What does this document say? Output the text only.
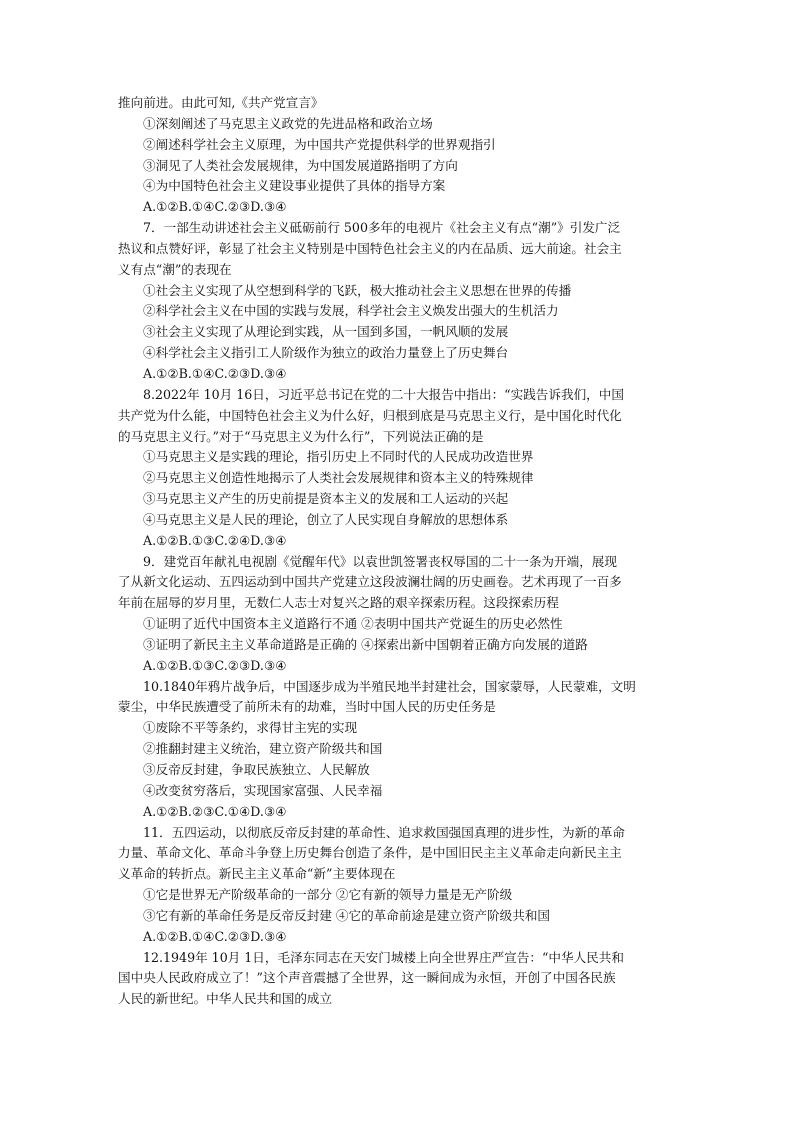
推向前进。由此可知,《共产党宣言》
①深刻阐述了马克思主义政党的先进品格和政治立场
②阐述科学社会主义原理，为中国共产党提供科学的世界观指引
③洞见了人类社会发展规律，为中国发展道路指明了方向
④为中国特色社会主义建设事业提供了具体的指导方案
A.①②B.①④C.②③D.③④
7．一部生动讲述社会主义砥砺前行 500多年的电视片《社会主义有点“潮”》引发广泛
热议和点赞好评，彰显了社会主义特别是中国特色社会主义的内在品质、远大前途。社会主
义有点“潮”的表现在
①社会主义实现了从空想到科学的飞跃，极大推动社会主义思想在世界的传播
②科学社会主义在中国的实践与发展，科学社会主义焕发出强大的生机活力
③社会主义实现了从理论到实践，从一国到多国，一帆风顺的发展
④科学社会主义指引工人阶级作为独立的政治力量登上了历史舞台
A.①②B.①④C.②③D.③④
8.2022年 10月 16日，习近平总书记在党的二十大报告中指出：“实践告诉我们，中国
共产党为什么能，中国特色社会主义为什么好，归根到底是马克思主义行，是中国化时代化
的马克思主义行。”对于“马克思主义为什么行”，下列说法正确的是
①马克思主义是实践的理论，指引历史上不同时代的人民成功改造世界
②马克思主义创造性地揭示了人类社会发展规律和资本主义的特殊规律
③马克思主义产生的历史前提是资本主义的发展和工人运动的兴起
④马克思主义是人民的理论，创立了人民实现自身解放的思想体系
A.①②B.①③C.②④D.③④
9．建党百年献礼电视剧《觉醒年代》以袁世凯签署丧权辱国的二十一条为开端，展现
了从新文化运动、五四运动到中国共产党建立这段波澜壮阔的历史画卷。艺术再现了一百多
年前在屈辱的岁月里，无数仁人志士对复兴之路的艰辛探索历程。这段探索历程
①证明了近代中国资本主义道路行不通 ②表明中国共产党诞生的历史必然性
③证明了新民主主义革命道路是正确的 ④探索出新中国朝着正确方向发展的道路
A.①②B.①③C.②③D.③④
10.1840年鸦片战争后，中国逐步成为半殖民地半封建社会，国家蒙辱，人民蒙难，文明
蒙尘，中华民族遭受了前所未有的劫难，当时中国人民的历史任务是
①废除不平等条约，求得甘主宪的实现
②推翻封建主义统治，建立资产阶级共和国
③反帝反封建，争取民族独立、人民解放
④改变贫穷落后，实现国家富强、人民幸福
A.①②B.②③C.①④D.③④
11．五四运动，以彻底反帝反封建的革命性、追求救国强国真理的进步性，为新的革命
力量、革命文化、革命斗争登上历史舞台创造了条件，是中国旧民主主义革命走向新民主主
义革命的转折点。新民主主义革命“新”主要体现在
①它是世界无产阶级革命的一部分 ②它有新的领导力量是无产阶级
③它有新的革命任务是反帝反封建 ④它的革命前途是建立资产阶级共和国
A.①②B.①④C.②③D.③④
12.1949年 10月 1日，毛泽东同志在天安门城楼上向全世界庄严宣告：“中华人民共和
国中央人民政府成立了！”这个声音震撼了全世界，这一瞬间成为永恒，开创了中国各民族
人民的新世纪。中华人民共和国的成立
